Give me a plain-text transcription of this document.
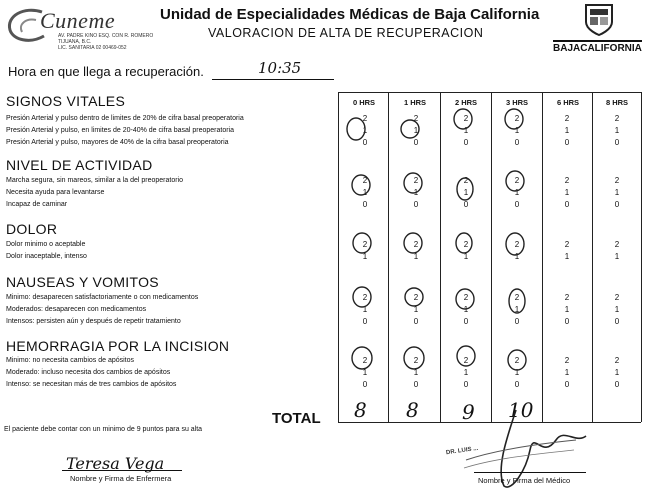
Cuneme
AV. PADRE KINO ESQ. CON R. ROMERO
TIJUANA, B.C.
LIC. SANITARIA 02 00469-052
Unidad de Especialidades Médicas de Baja California
VALORACION DE ALTA DE RECUPERACION
BAJACALIFORNIA
Hora en que llega a recuperación.	10:35
0 HRS	1 HRS	2 HRS	3 HRS	6 HRS	8 HRS
SIGNOS VITALES
Presión Arterial y pulso dentro de limites de 20% de cifra basal preoperatoria
Presión Arterial y pulso, en limites de 20-40% de cifra basal preoperatoria
Presión Arterial y pulso, mayores de 40% de la cifra basal preoperatoria
NIVEL DE ACTIVIDAD
Marcha segura, sin mareos, similar a la del preoperatorio
Necesita ayuda para levantarse
Incapaz de caminar
DOLOR
Dolor minimo o aceptable
Dolor inaceptable, intenso
NAUSEAS Y VOMITOS
Minimo: desaparecen satisfactoriamente o con medicamentos
Moderados: desaparecen con medicamentos
Intensos: persisten aún y después de repetir tratamiento
HEMORRAGIA POR LA INCISION
Minimo: no necesita cambios de apósitos
Moderado: incluso necesita dos cambios de apósitos
Intenso: se necesitan más de tres cambios de apósitos
2	2	2	2	2	2
1	1	1	1	1	1
0	0	0	0	0	0
2	2	2	2	2	2
1	1	1	1	1	1
0	0	0	0	0	0
2	2	2	2	2	2
1	1	1	1	1	1
2	2	2	2	2	2
1	1	1	1	1	1
0	0	0	0	0	0
2	2	2	2	2	2
1	1	1	1	1	1
0	0	0	0	0	0
TOTAL 8 8 9 10
El paciente debe contar con un minimo de 9 puntos para su alta
Teresa Vega
Nombre y Firma de Enfermera
DR. LUIS ...
Nombre y Firma del Médico
